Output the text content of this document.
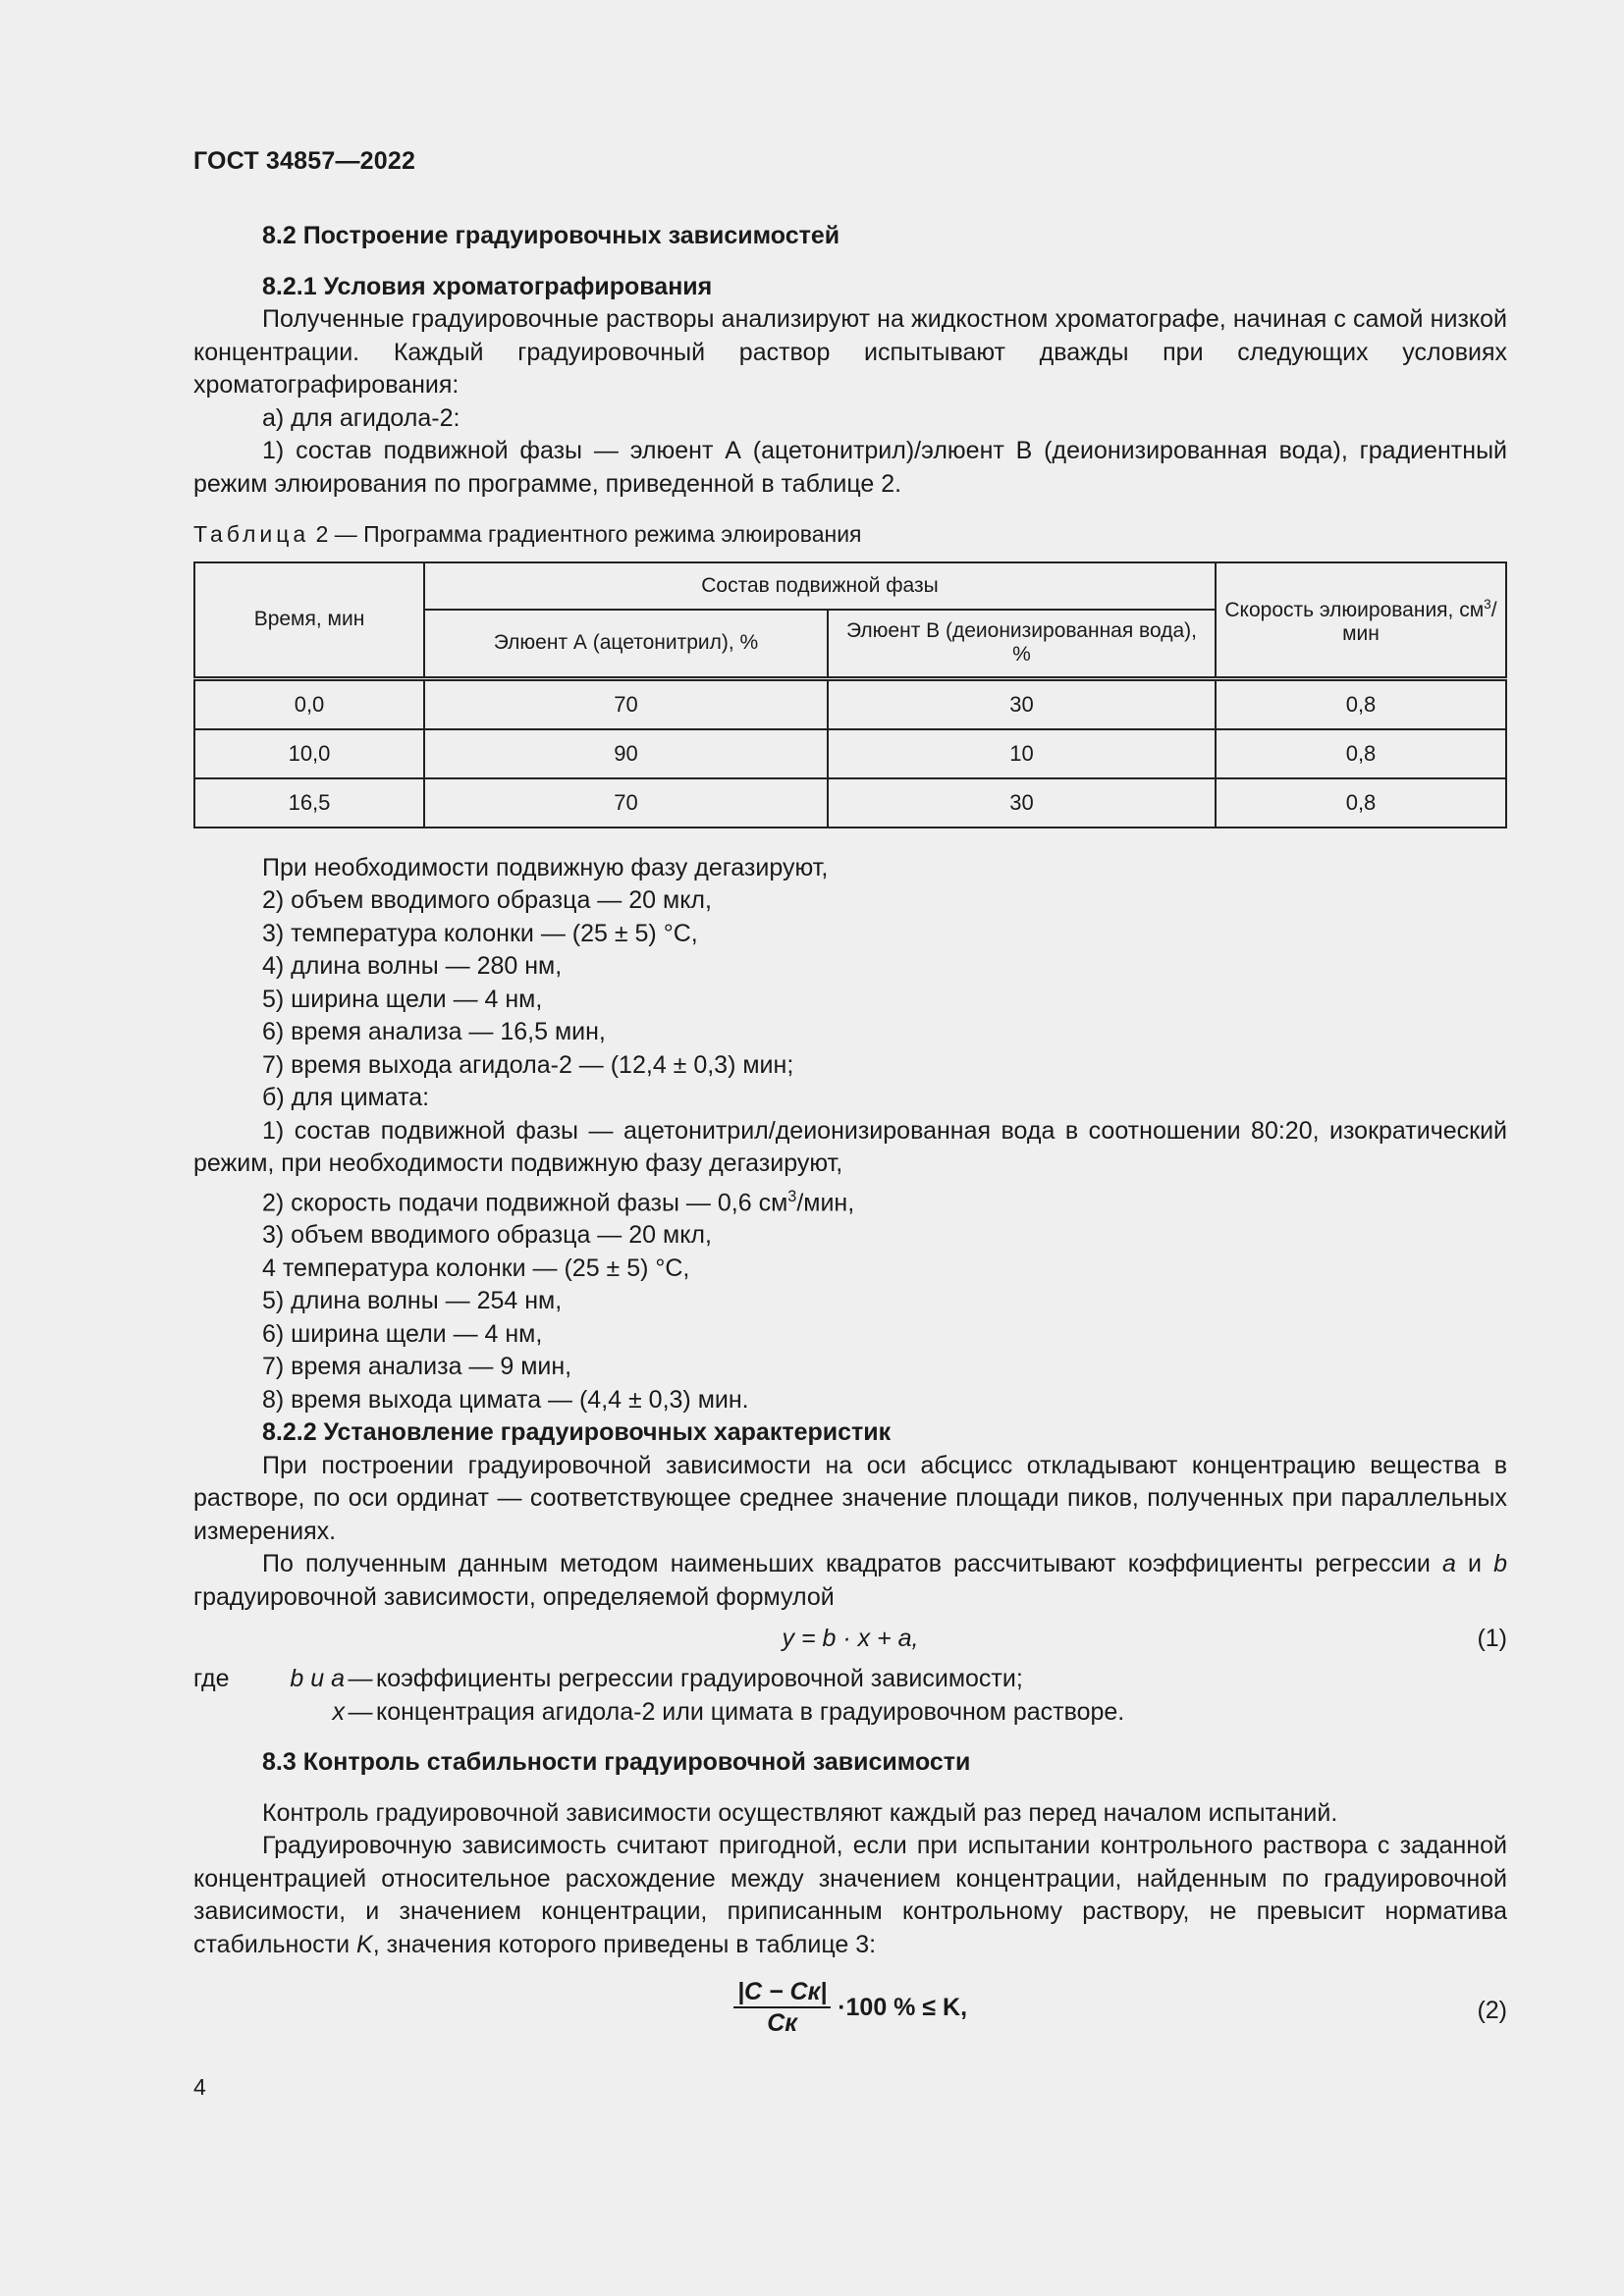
ГОСТ 34857—2022

8.2 Построение градуировочных зависимостей

8.2.1 Условия хроматографирования

Полученные градуировочные растворы анализируют на жидкостном хроматографе, начиная с самой низкой концентрации. Каждый градуировочный раствор испытывают дважды при следующих условиях хроматографирования:

а) для агидола-2:

1) состав подвижной фазы — элюент А (ацетонитрил)/элюент В (деионизированная вода), градиентный режим элюирования по программе, приведенной в таблице 2.

Таблица 2 — Программа градиентного режима элюирования
Время, мин	Состав подвижной фазы		Скорость элюирования, $см^3$/мин
	Элюент А (ацетонитрил), %	Элюент В (деионизированная вода), %	
0,0	70	30	0,8
10,0	90	10	0,8
16,5	70	30	0,8

При необходимости подвижную фазу дегазируют,

2) объем вводимого образца — 20 мкл,

3) температура колонки — (25 ± 5) °С,

4) длина волны — 280 нм,

5) ширина щели — 4 нм,

6) время анализа — 16,5 мин,

7) время выхода агидола-2 — (12,4 ± 0,3) мин;

б) для цимата:

1) состав подвижной фазы — ацетонитрил/деионизированная вода в соотношении 80:20, изократический режим, при необходимости подвижную фазу дегазируют,

2) скорость подачи подвижной фазы — 0,6 $см^3$/мин,

3) объем вводимого образца — 20 мкл,

4 температура колонки — (25 ± 5) °С,

5) длина волны — 254 нм,

6) ширина щели — 4 нм,

7) время анализа — 9 мин,

8) время выхода цимата — (4,4 ± 0,3) мин.

8.2.2 Установление градуировочных характеристик

При построении градуировочной зависимости на оси абсцисс откладывают концентрацию вещества в растворе, по оси ординат — соответствующее среднее значение площади пиков, полученных при параллельных измерениях.

По полученным данным методом наименьших квадратов рассчитывают коэффициенты регрессии а и b градуировочной зависимости, определяемой формулой

y = b · x + a,	(1)
где	b и a — коэффициенты регрессии градуировочной зависимости;
x — концентрация агидола-2 или цимата в градуировочном растворе.

8.3 Контроль стабильности градуировочной зависимости

Контроль градуировочной зависимости осуществляют каждый раз перед началом испытаний.

Градуировочную зависимость считают пригодной, если при испытании контрольного раствора с заданной концентрацией относительное расхождение между значением концентрации, найденным по градуировочной зависимости, и значением концентрации, приписанным контрольному раствору, не превысит норматива стабильности K, значения которого приведены в таблице 3:

$\frac{|C - Cк|}{Cк} \cdot 100$ % ≤ K,	(2)
4
